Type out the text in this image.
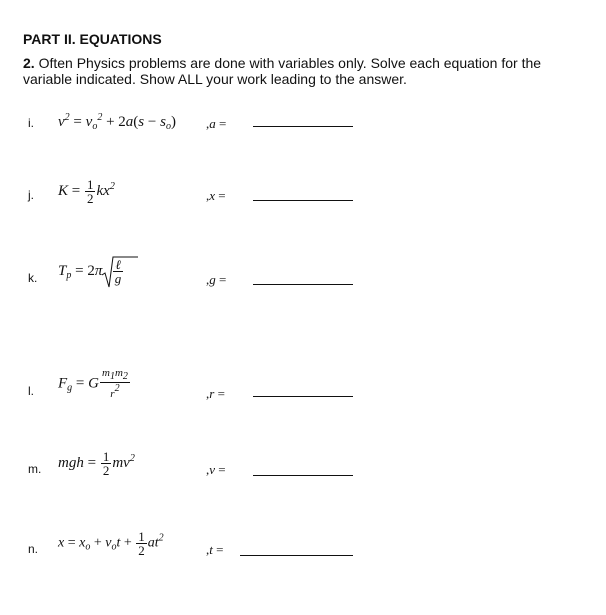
PART II. EQUATIONS
2. Often Physics problems are done with variables only. Solve each equation for the variable indicated. Show ALL your work leading to the answer.
i. $v^2 = v_o^2 + 2a(s - s_o) ,a$ =
j. $K = \frac{1}{2} kx^2$
,x =
k. $T_p = 2\pi \frac{\text{ℓ}}{g}$	,g =
l. $F_g = G \frac{m1m2}{r2}$	,r =
m. mgh = $\frac{1}{2} mv^2$
,v =
n. $x = x_o + v_ot + \frac{1}{2} at^2$
,t =
